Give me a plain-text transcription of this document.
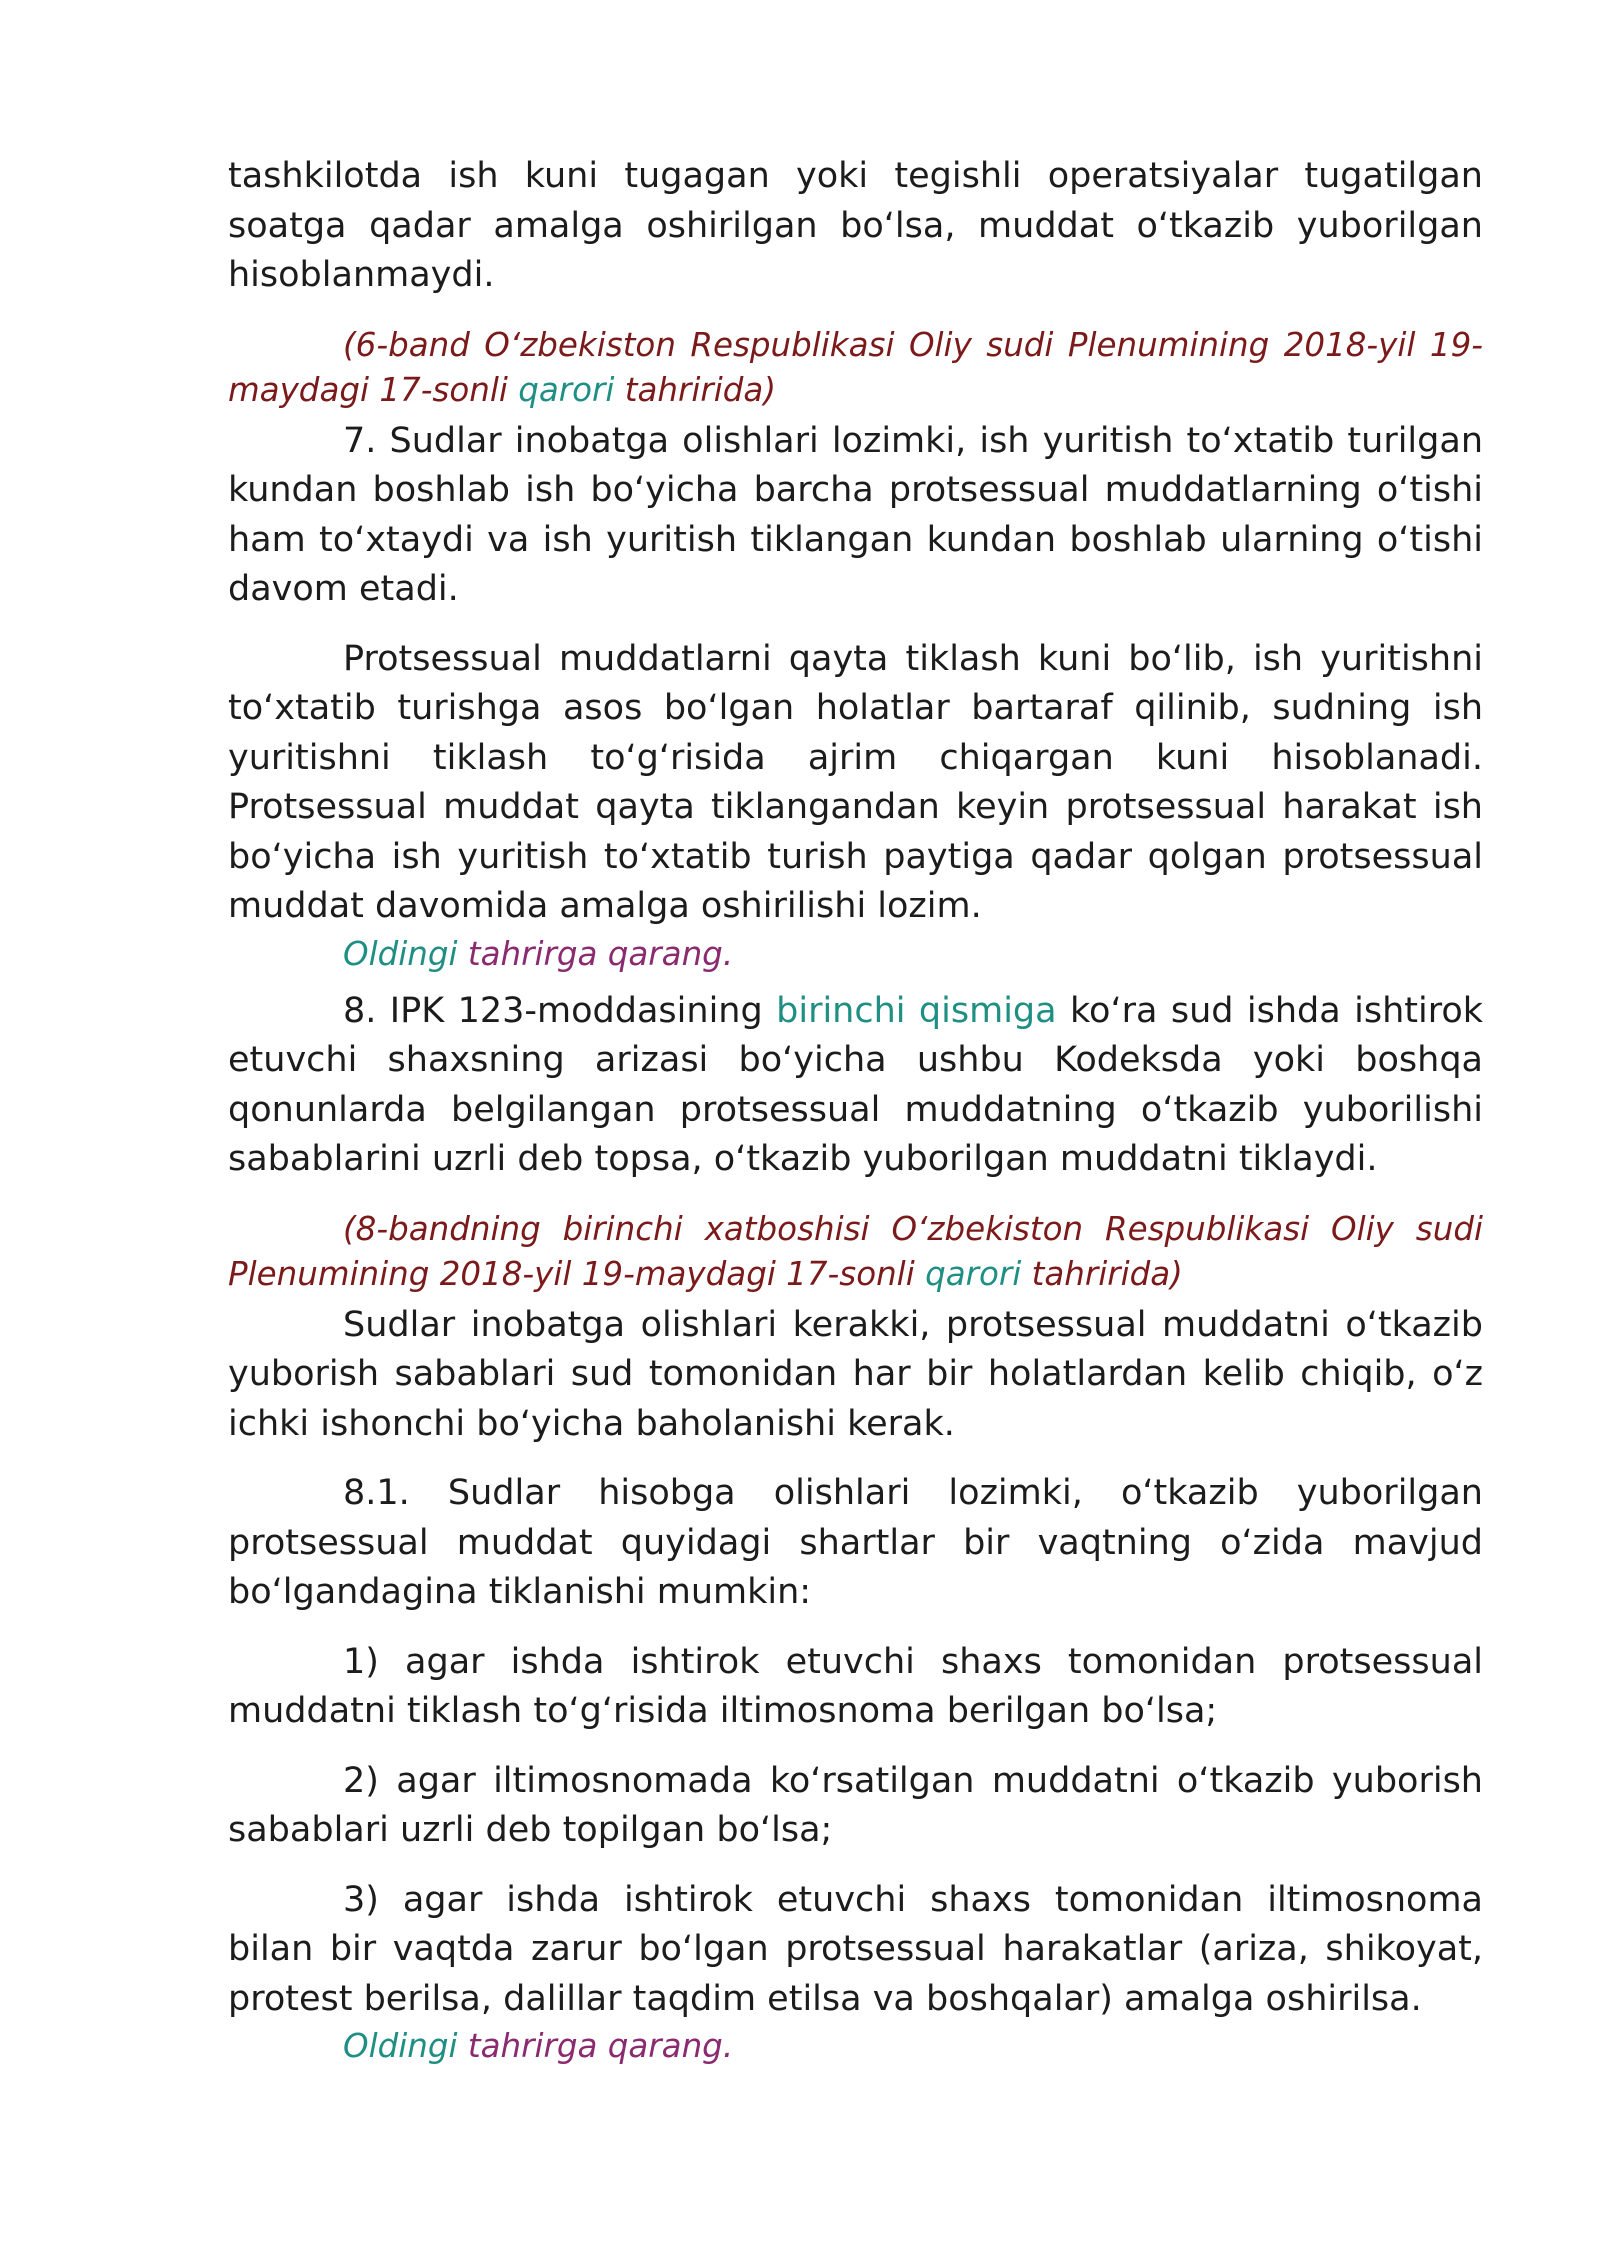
tashkilotda ish kuni tugagan yoki tegishli operatsiyalar tugatilgan soatga qadar amalga oshirilgan boʻlsa, muddat oʻtkazib yuborilgan hisoblanmaydi.

(6-band Oʻzbekiston Respublikasi Oliy sudi Plenumining 2018-yil 19-maydagi 17-sonli qarori tahririda)

7. Sudlar inobatga olishlari lozimki, ish yuritish toʻxtatib turilgan kundan boshlab ish boʻyicha barcha protsessual muddatlarning oʻtishi ham toʻxtaydi va ish yuritish tiklangan kundan boshlab ularning oʻtishi davom etadi.

Protsessual muddatlarni qayta tiklash kuni boʻlib, ish yuritishni toʻxtatib turishga asos boʻlgan holatlar bartaraf qilinib, sudning ish yuritishni tiklash toʻgʻrisida ajrim chiqargan kuni hisoblanadi. Protsessual muddat qayta tiklangandan keyin protsessual harakat ish boʻyicha ish yuritish toʻxtatib turish paytiga qadar qolgan protsessual muddat davomida amalga oshirilishi lozim.

Oldingi tahrirga qarang.

8. IPK 123-moddasining birinchi qismiga koʻra sud ishda ishtirok etuvchi shaxsning arizasi boʻyicha ushbu Kodeksda yoki boshqa qonunlarda belgilangan protsessual muddatning oʻtkazib yuborilishi sabablarini uzrli deb topsa, oʻtkazib yuborilgan muddatni tiklaydi.

(8-bandning birinchi xatboshisi Oʻzbekiston Respublikasi Oliy sudi Plenumining 2018-yil 19-maydagi 17-sonli qarori tahririda)

Sudlar inobatga olishlari kerakki, protsessual muddatni oʻtkazib yuborish sabablari sud tomonidan har bir holatlardan kelib chiqib, oʻz ichki ishonchi boʻyicha baholanishi kerak.

8.1. Sudlar hisobga olishlari lozimki, oʻtkazib yuborilgan protsessual muddat quyidagi shartlar bir vaqtning oʻzida mavjud boʻlgandagina tiklanishi mumkin:

1) agar ishda ishtirok etuvchi shaxs tomonidan protsessual muddatni tiklash toʻgʻrisida iltimosnoma berilgan boʻlsa;

2) agar iltimosnomada koʻrsatilgan muddatni oʻtkazib yuborish sabablari uzrli deb topilgan boʻlsa;

3) agar ishda ishtirok etuvchi shaxs tomonidan iltimosnoma bilan bir vaqtda zarur boʻlgan protsessual harakatlar (ariza, shikoyat, protest berilsa, dalillar taqdim etilsa va boshqalar) amalga oshirilsa.

Oldingi tahrirga qarang.
